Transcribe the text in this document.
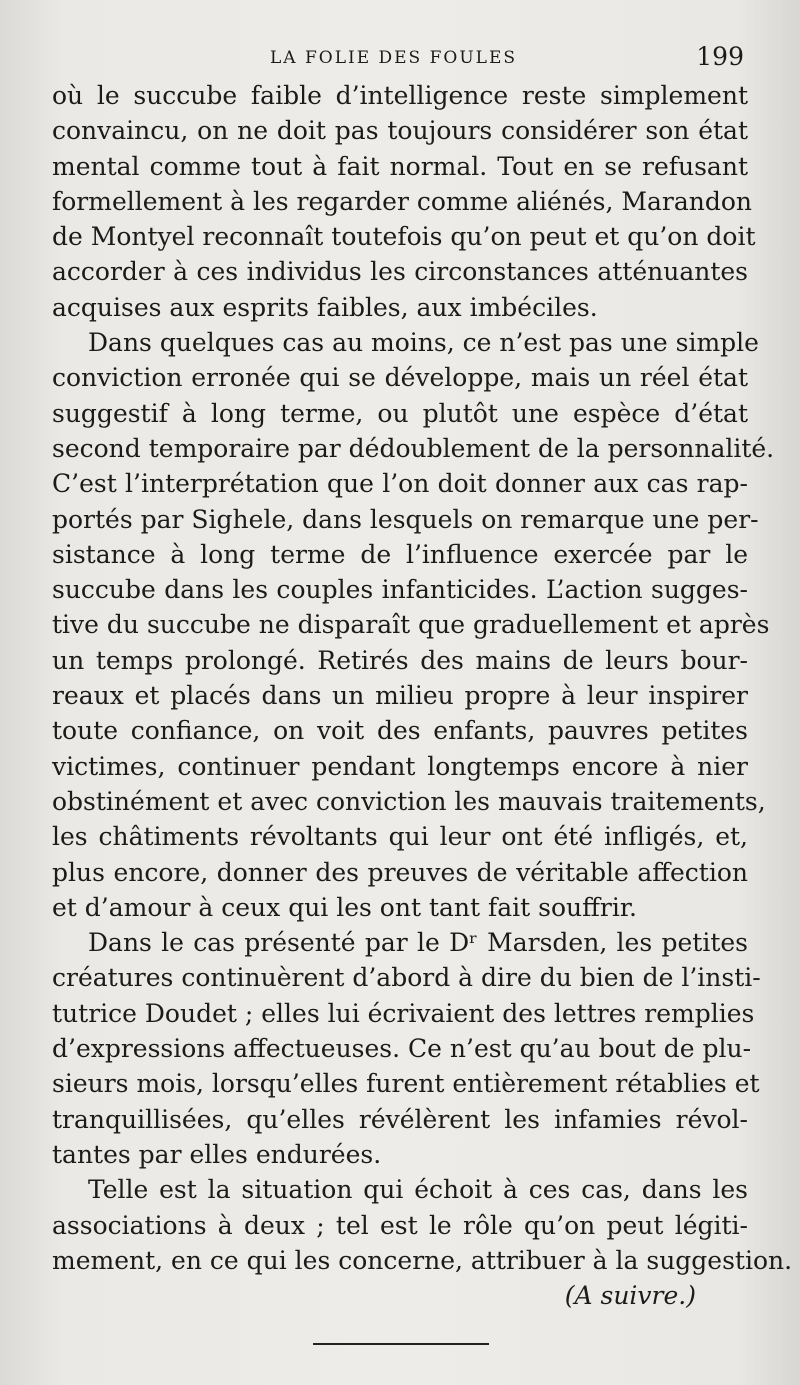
LA FOLIE DES FOULES	199
où le succube faible d’intelligence reste simplement
convaincu, on ne doit pas toujours considérer son état
mental comme tout à fait normal. Tout en se refusant
formellement à les regarder comme aliénés, Marandon
de Montyel reconnaît toutefois qu’on peut et qu’on doit
accorder à ces individus les circonstances atténuantes
acquises aux esprits faibles, aux imbéciles.
Dans quelques cas au moins, ce n’est pas une simple
conviction erronée qui se développe, mais un réel état
suggestif à long terme, ou plutôt une espèce d’état
second temporaire par dédoublement de la personnalité.
C’est l’interprétation que l’on doit donner aux cas rap-
portés par Sighele, dans lesquels on remarque une per-
sistance à long terme de l’influence exercée par le
succube dans les couples infanticides. L’action sugges-
tive du succube ne disparaît que graduellement et après
un temps prolongé. Retirés des mains de leurs bour-
reaux et placés dans un milieu propre à leur inspirer
toute confiance, on voit des enfants, pauvres petites
victimes, continuer pendant longtemps encore à nier
obstinément et avec conviction les mauvais traitements,
les châtiments révoltants qui leur ont été infligés, et,
plus encore, donner des preuves de véritable affection
et d’amour à ceux qui les ont tant fait souffrir.
Dans le cas présenté par le Dʳ Marsden, les petites
créatures continuèrent d’abord à dire du bien de l’insti-
tutrice Doudet ; elles lui écrivaient des lettres remplies
d’expressions affectueuses. Ce n’est qu’au bout de plu-
sieurs mois, lorsqu’elles furent entièrement rétablies et
tranquillisées, qu’elles révélèrent les infamies révol-
tantes par elles endurées.
Telle est la situation qui échoit à ces cas, dans les
associations à deux ; tel est le rôle qu’on peut légiti-
mement, en ce qui les concerne, attribuer à la suggestion.
(A suivre.)
